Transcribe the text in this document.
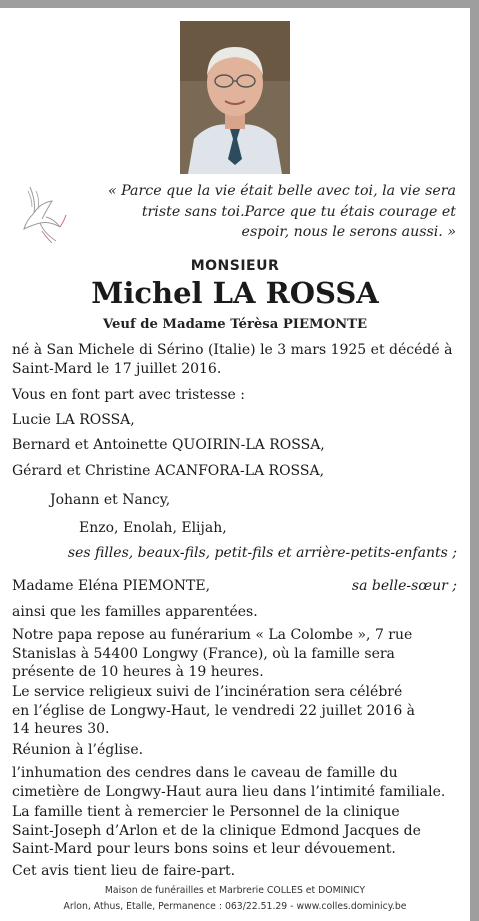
« Parce que la vie était belle avec toi, la vie sera
triste sans toi.Parce que tu étais courage et
espoir, nous le serons aussi. »
MONSIEUR
Michel LA ROSSA
Veuf de Madame Térèsa PIEMONTE
né à San Michele di Sérino (Italie) le 3 mars 1925 et décédé à
Saint-Mard le 17 juillet 2016.
Vous en font part avec tristesse :
Lucie LA ROSSA,
Bernard et Antoinette QUOIRIN-LA ROSSA,
Gérard et Christine ACANFORA-LA ROSSA,
Johann et Nancy,
Enzo, Enolah, Elijah,
ses filles, beaux-fils, petit-fils et arrière-petits-enfants ;
Madame Eléna PIEMONTE,	sa belle-sœur ;
ainsi que les familles apparentées.
Notre papa repose au funérarium « La Colombe », 7 rue
Stanislas à 54400 Longwy (France), où la famille sera
présente de 10 heures à 19 heures.
Le service religieux suivi de l’incinération sera célébré
en l’église de Longwy-Haut, le vendredi 22 juillet 2016 à
14 heures 30.
Réunion à l’église.
l’inhumation des cendres dans le caveau de famille du
cimetière de Longwy-Haut aura lieu dans l’intimité familiale.
La famille tient à remercier le Personnel de la clinique
Saint-Joseph d’Arlon et de la clinique Edmond Jacques de
Saint-Mard pour leurs bons soins et leur dévouement.
Cet avis tient lieu de faire-part.
Maison de funérailles et Marbrerie COLLES et DOMINICY
Arlon, Athus, Etalle, Permanence : 063/22.51.29 - www.colles.dominicy.be
